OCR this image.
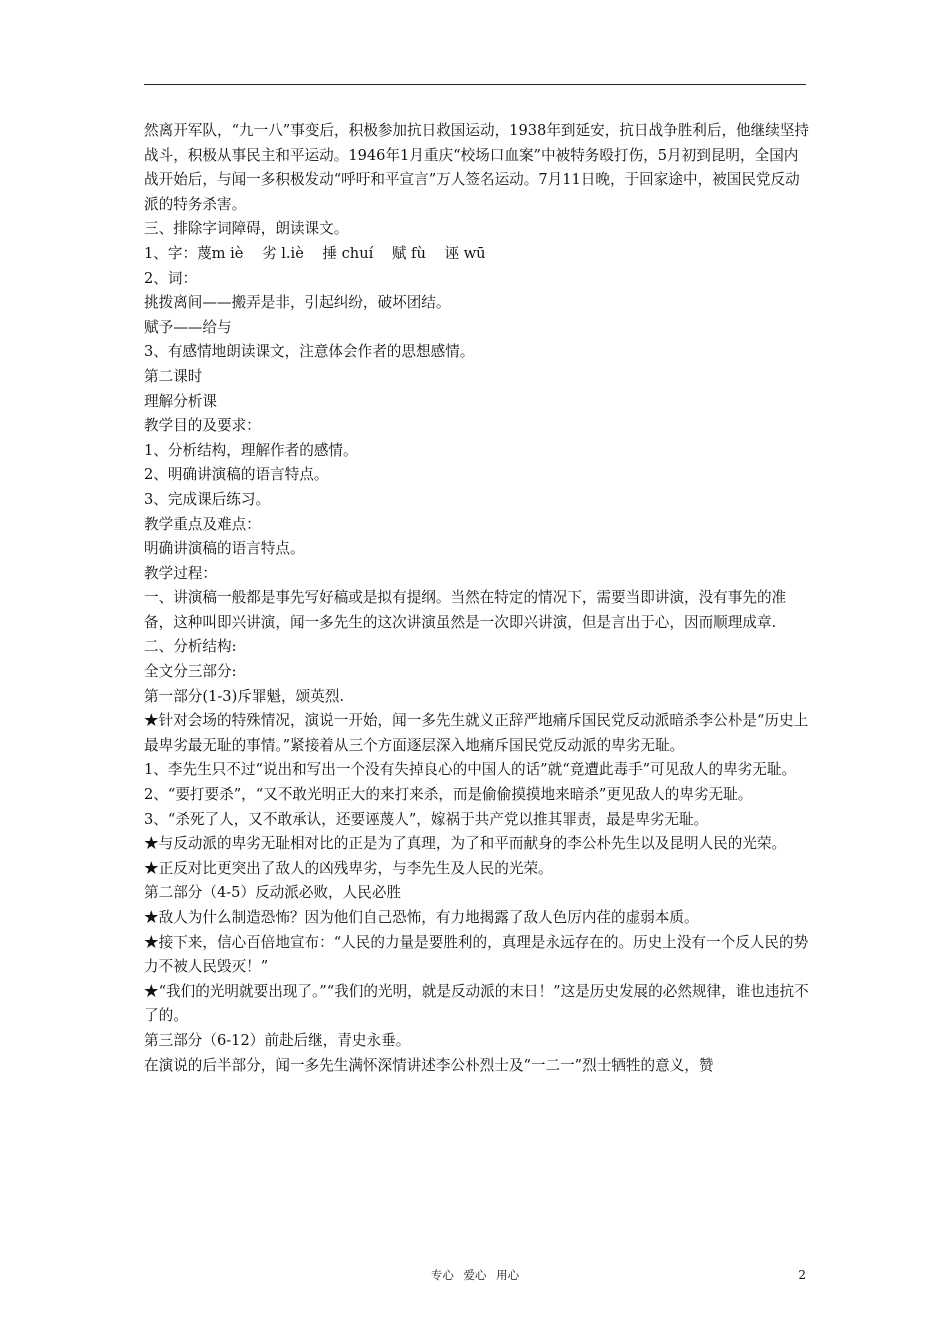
然离开军队，“九一八”事变后，积极参加抗日救国运动，1938年到延安，抗日战争胜利后，他继续坚持战斗，积极从事民主和平运动。1946年1月重庆“校场口血案”中被特务殴打伤，5月初到昆明，全国内战开始后，与闻一多积极发动“呼吁和平宣言”万人签名运动。7月11日晚，于回家途中，被国民党反动派的特务杀害。

三、排除字词障碍，朗读课文。

1、字：蔑m iè    劣 l.iè    捶 chuí    赋 fù    诬 wū

2、词：

挑拨离间——搬弄是非，引起纠纷，破坏团结。

赋予——给与

3、有感情地朗读课文，注意体会作者的思想感情。

第二课时

理解分析课

教学目的及要求：

1、分析结构，理解作者的感情。

2、明确讲演稿的语言特点。

3、完成课后练习。

教学重点及难点：

明确讲演稿的语言特点。

教学过程：

一、讲演稿一般都是事先写好稿或是拟有提纲。当然在特定的情况下，需要当即讲演，没有事先的准备，这种叫即兴讲演，闻一多先生的这次讲演虽然是一次即兴讲演，但是言出于心，因而顺理成章.

二、分析结构:

全文分三部分:

第一部分(1-3)斥罪魁，颂英烈.

★针对会场的特殊情况，演说一开始，闻一多先生就义正辞严地痛斥国民党反动派暗杀李公朴是“历史上最卑劣最无耻的事情。”紧接着从三个方面逐层深入地痛斥国民党反动派的卑劣无耻。

1、李先生只不过“说出和写出一个没有失掉良心的中国人的话”就“竟遭此毒手”可见敌人的卑劣无耻。

2、“要打要杀”，“又不敢光明正大的来打来杀，而是偷偷摸摸地来暗杀”更见敌人的卑劣无耻。

3、“杀死了人，又不敢承认，还要诬蔑人”，嫁祸于共产党以推其罪责，最是卑劣无耻。

★与反动派的卑劣无耻相对比的正是为了真理，为了和平而献身的李公朴先生以及昆明人民的光荣。

★正反对比更突出了敌人的凶残卑劣，与李先生及人民的光荣。

第二部分（4-5）反动派必败，人民必胜

★敌人为什么制造恐怖？因为他们自己恐怖，有力地揭露了敌人色厉内荏的虚弱本质。

★接下来，信心百倍地宣布：“人民的力量是要胜利的，真理是永远存在的。历史上没有一个反人民的势力不被人民毁灭！”

★“我们的光明就要出现了。”“我们的光明，就是反动派的末日！”这是历史发展的必然规律，谁也违抗不了的。

第三部分（6-12）前赴后继，青史永垂。

在演说的后半部分，闻一多先生满怀深情讲述李公朴烈士及“一二一”烈士牺牲的意义，赞

专心 爱心 用心	2
